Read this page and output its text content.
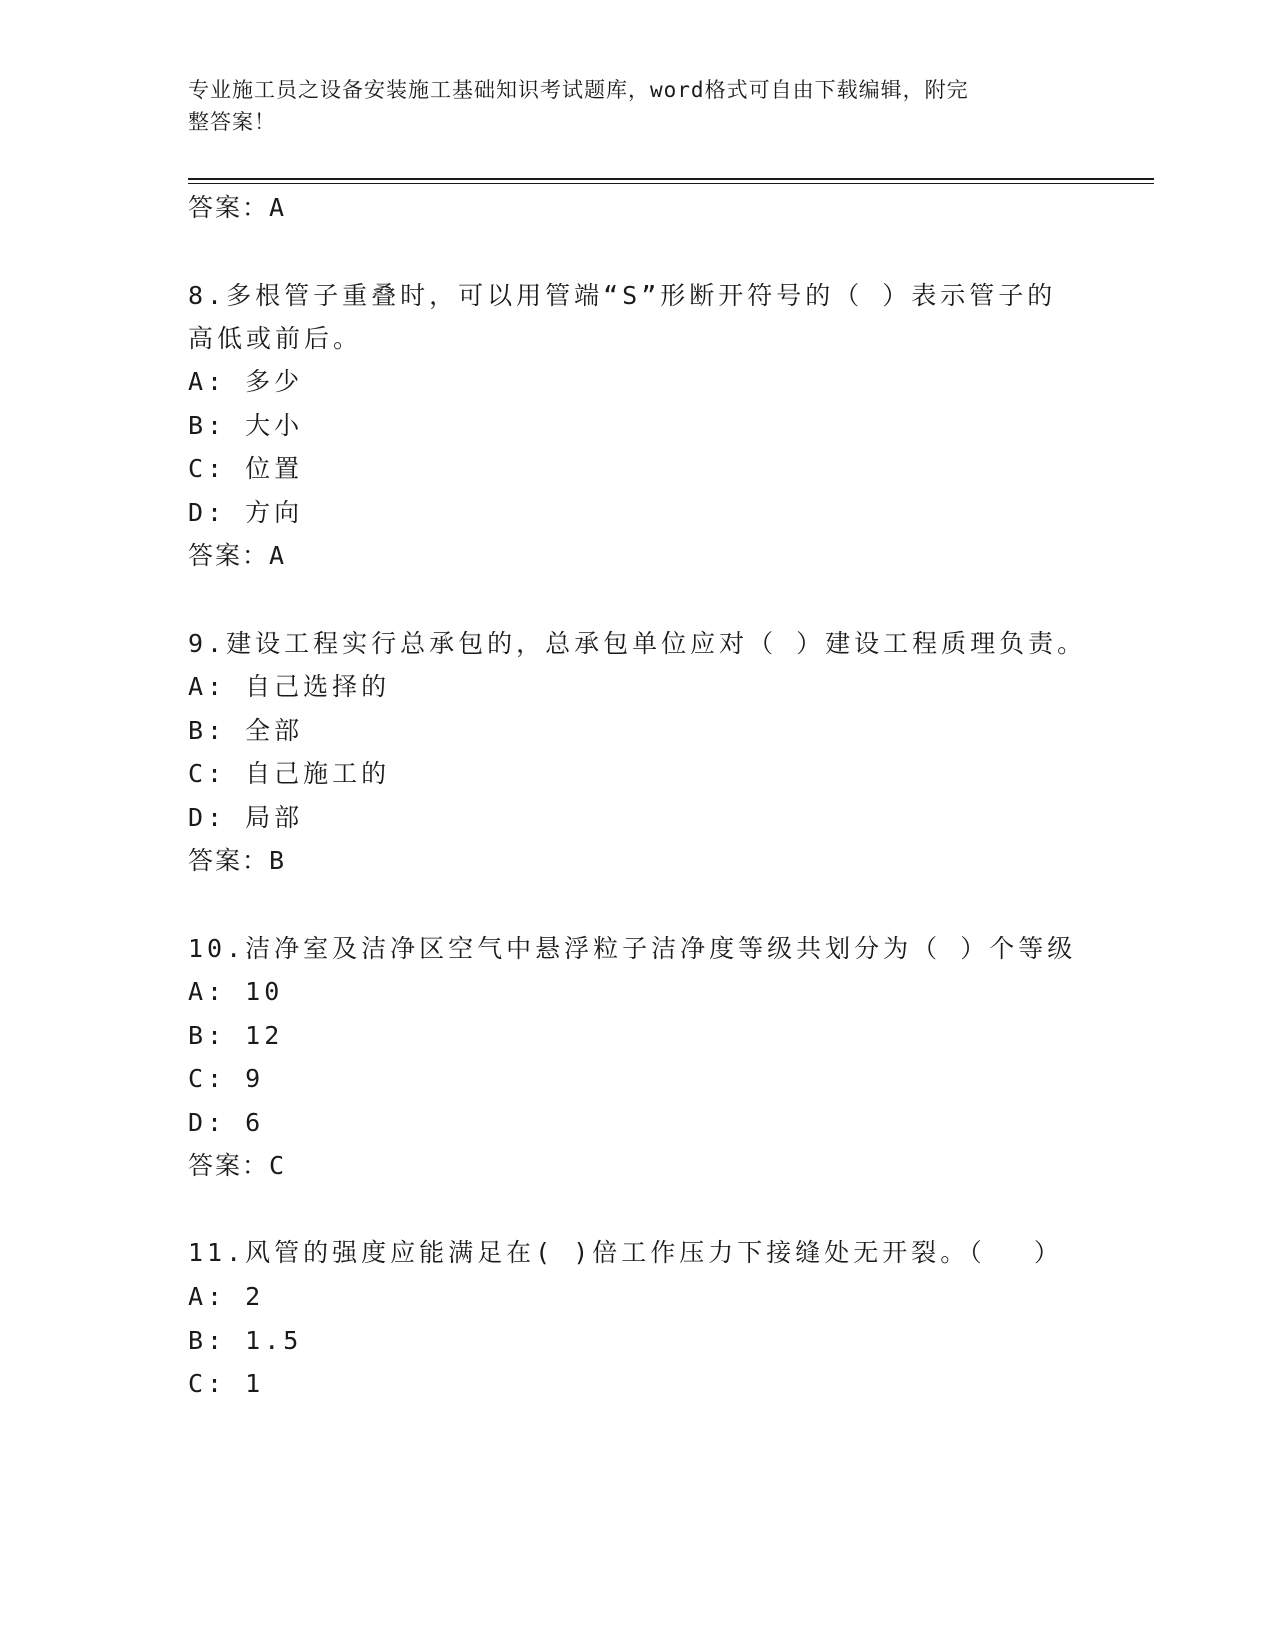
专业施工员之设备安装施工基础知识考试题库，word格式可自由下载编辑，附完
整答案！
答案：A
8.多根管子重叠时，可以用管端“S”形断开符号的（ ）表示管子的
高低或前后。
A: 多少
B: 大小
C: 位置
D: 方向
答案：A
9.建设工程实行总承包的，总承包单位应对（ ）建设工程质理负责。
A: 自己选择的
B: 全部
C: 自己施工的
D: 局部
答案：B
10.洁净室及洁净区空气中悬浮粒子洁净度等级共划分为（ ）个等级
A: 10
B: 12
C: 9
D: 6
答案：C
11.风管的强度应能满足在( )倍工作压力下接缝处无开裂。（　 ）
A: 2
B: 1.5
C: 1
